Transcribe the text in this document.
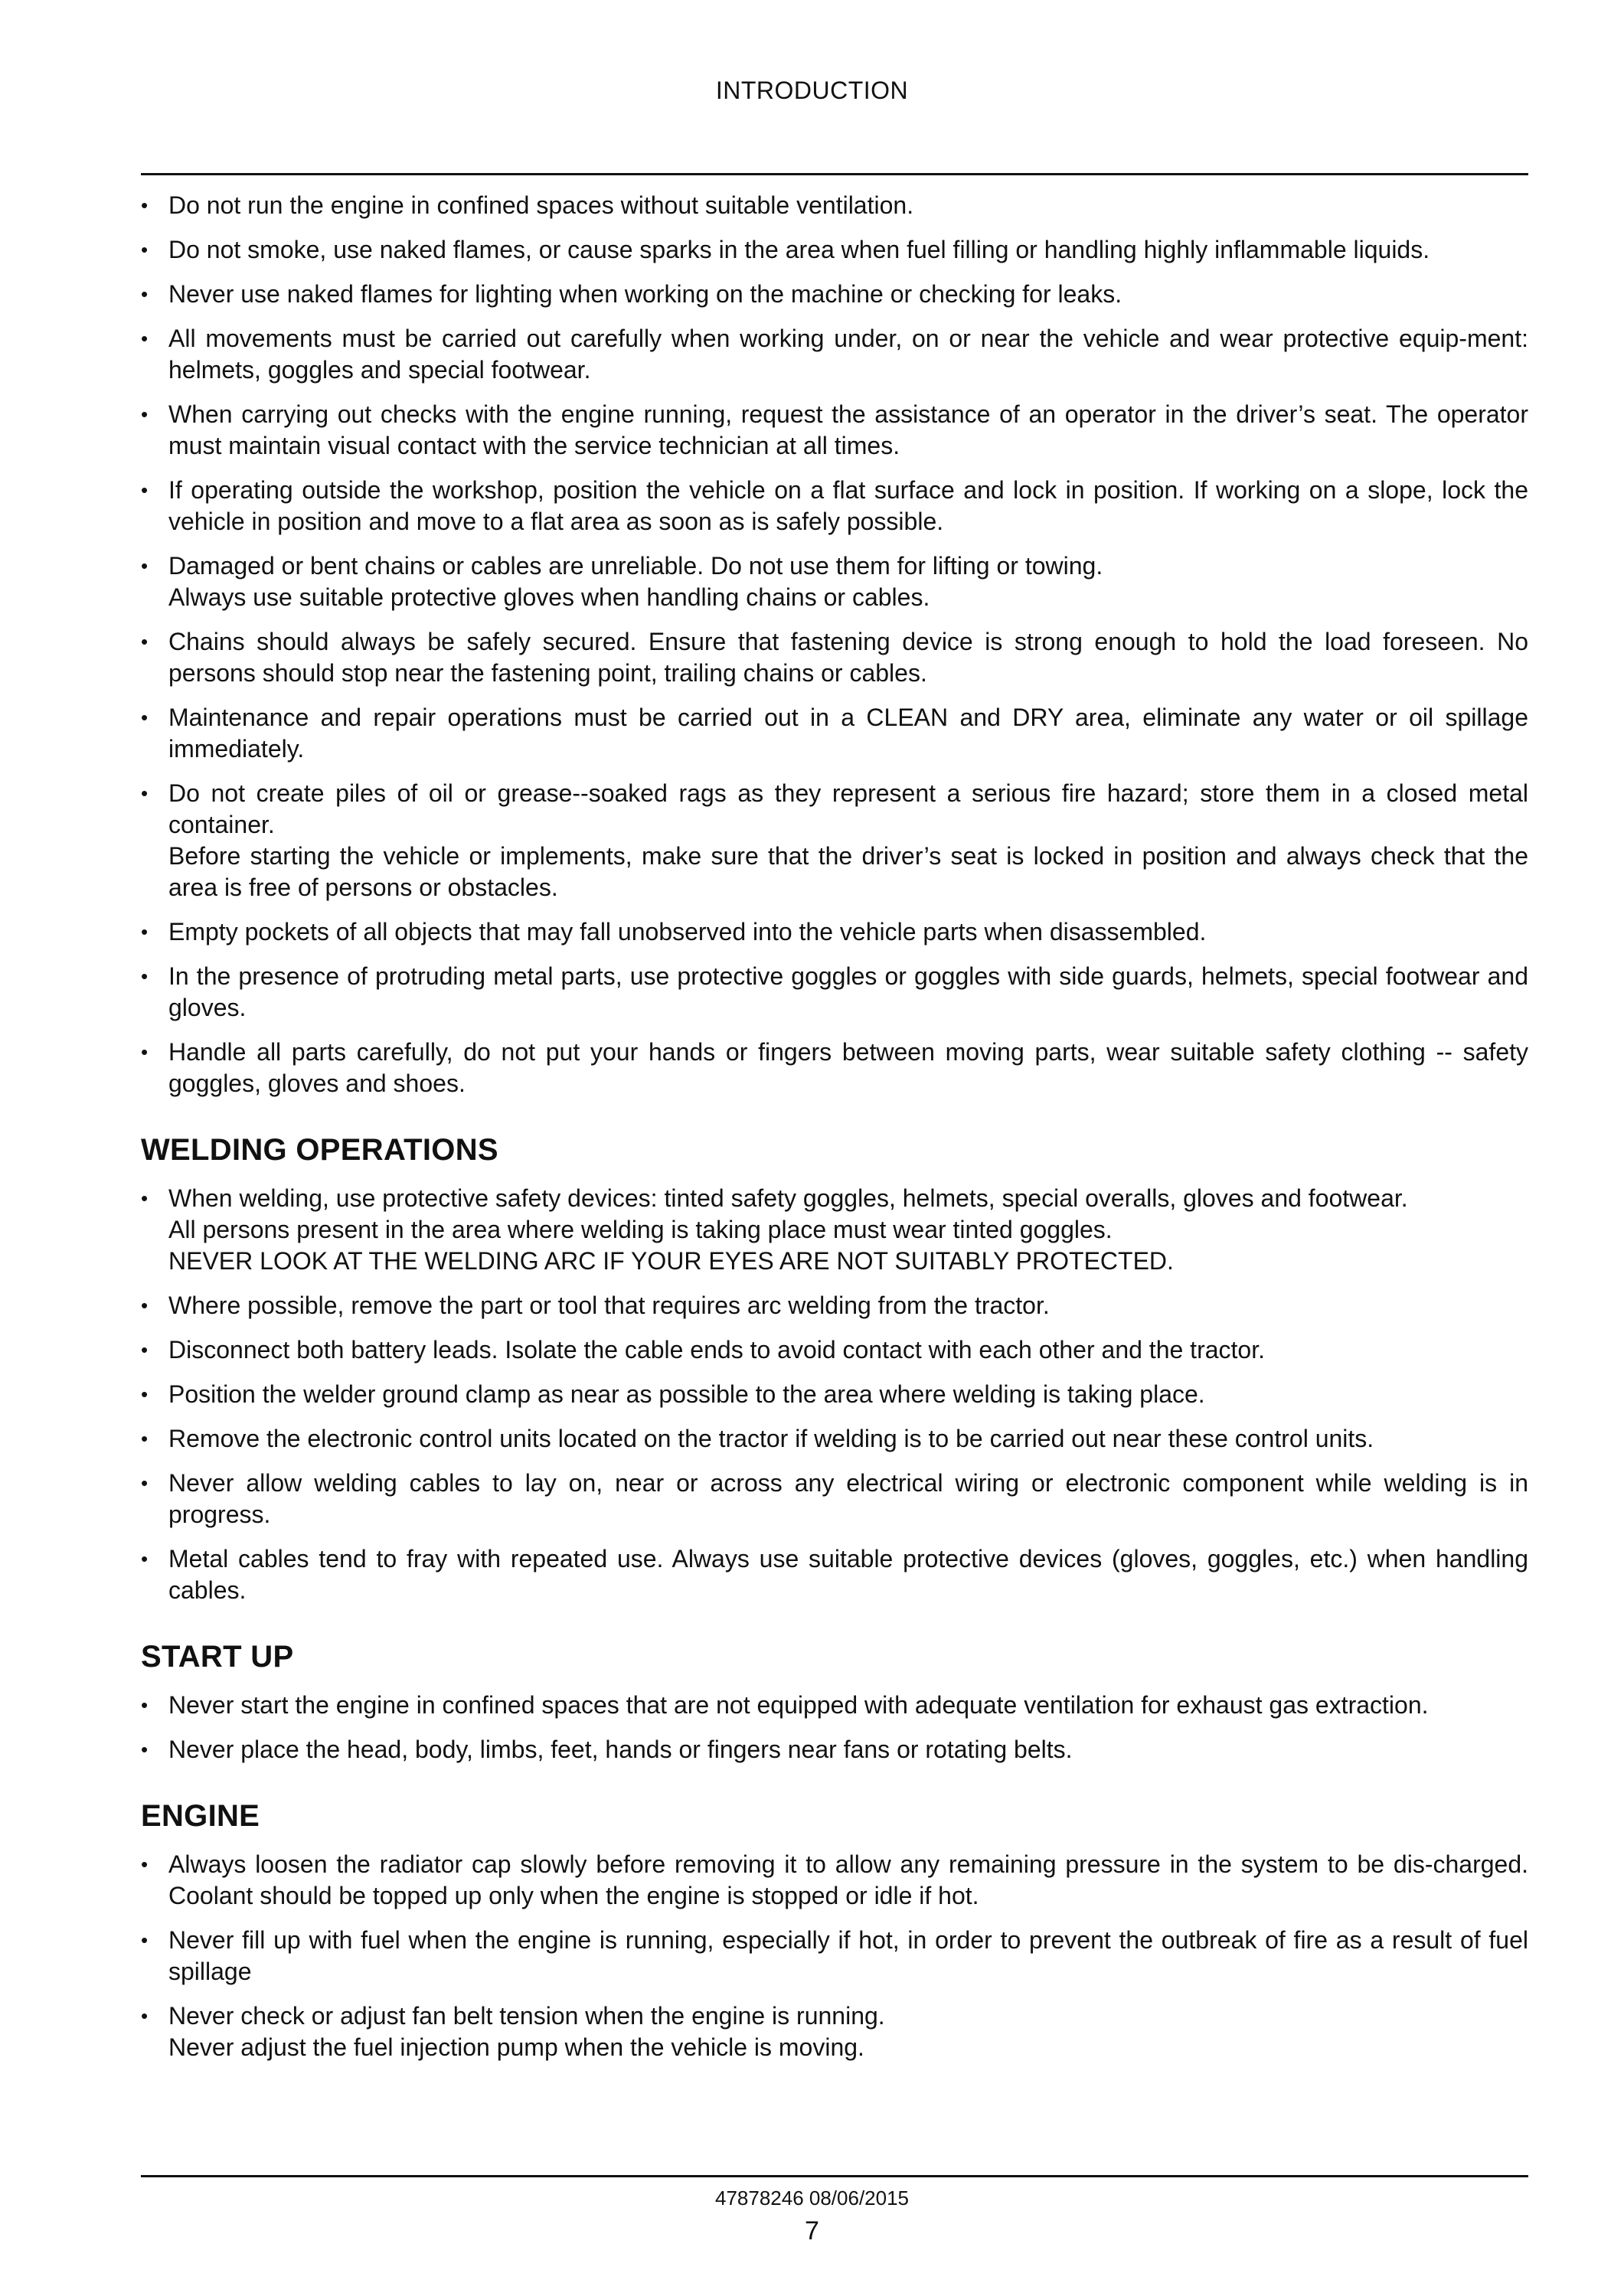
INTRODUCTION
• Do not run the engine in confined spaces without suitable ventilation.
• Do not smoke, use naked flames, or cause sparks in the area when fuel filling or handling highly inflammable liquids.
• Never use naked flames for lighting when working on the machine or checking for leaks.
• All movements must be carried out carefully when working under, on or near the vehicle and wear protective equip-ment: helmets, goggles and special footwear.
• When carrying out checks with the engine running, request the assistance of an operator in the driver’s seat. The operator must maintain visual contact with the service technician at all times.
• If operating outside the workshop, position the vehicle on a flat surface and lock in position. If working on a slope, lock the vehicle in position and move to a flat area as soon as is safely possible.
• Damaged or bent chains or cables are unreliable. Do not use them for lifting or towing.
Always use suitable protective gloves when handling chains or cables.
• Chains should always be safely secured. Ensure that fastening device is strong enough to hold the load foreseen. No persons should stop near the fastening point, trailing chains or cables.
• Maintenance and repair operations must be carried out in a CLEAN and DRY area, eliminate any water or oil spillage immediately.
• Do not create piles of oil or grease--soaked rags as they represent a serious fire hazard; store them in a closed metal container.
Before starting the vehicle or implements, make sure that the driver’s seat is locked in position and always check that the area is free of persons or obstacles.
• Empty pockets of all objects that may fall unobserved into the vehicle parts when disassembled.
• In the presence of protruding metal parts, use protective goggles or goggles with side guards, helmets, special footwear and gloves.
• Handle all parts carefully, do not put your hands or fingers between moving parts, wear suitable safety clothing -- safety goggles, gloves and shoes.
WELDING OPERATIONS
• When welding, use protective safety devices: tinted safety goggles, helmets, special overalls, gloves and footwear.
All persons present in the area where welding is taking place must wear tinted goggles.
NEVER LOOK AT THE WELDING ARC IF YOUR EYES ARE NOT SUITABLY PROTECTED.
• Where possible, remove the part or tool that requires arc welding from the tractor.
• Disconnect both battery leads. Isolate the cable ends to avoid contact with each other and the tractor.
• Position the welder ground clamp as near as possible to the area where welding is taking place.
• Remove the electronic control units located on the tractor if welding is to be carried out near these control units.
• Never allow welding cables to lay on, near or across any electrical wiring or electronic component while welding is in progress.
• Metal cables tend to fray with repeated use. Always use suitable protective devices (gloves, goggles, etc.) when handling cables.
START UP
• Never start the engine in confined spaces that are not equipped with adequate ventilation for exhaust gas extraction.
• Never place the head, body, limbs, feet, hands or fingers near fans or rotating belts.
ENGINE
• Always loosen the radiator cap slowly before removing it to allow any remaining pressure in the system to be dis-charged. Coolant should be topped up only when the engine is stopped or idle if hot.
• Never fill up with fuel when the engine is running, especially if hot, in order to prevent the outbreak of fire as a result of fuel spillage
• Never check or adjust fan belt tension when the engine is running.
Never adjust the fuel injection pump when the vehicle is moving.
47878246 08/06/2015
7
